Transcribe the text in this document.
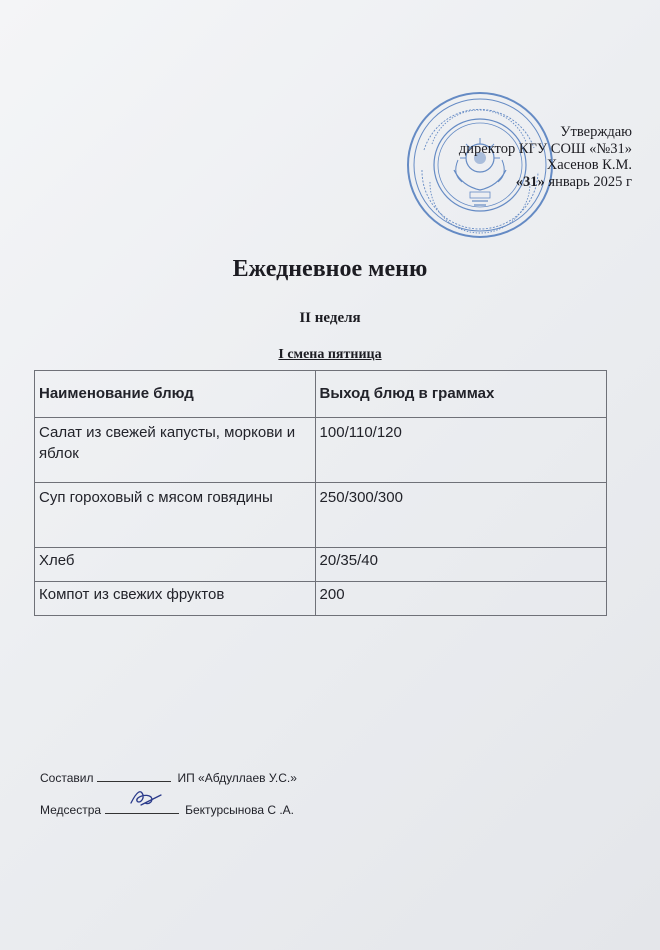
Утверждаю
директор КГУ СОШ «№31»
Хасенов К.М.
«31» январь 2025 г
Ежедневное меню
II неделя
I смена пятница
Наименование блюд	Выход блюд в граммах
Салат из свежей капусты, моркови и яблок	100/110/120
Суп гороховый с мясом говядины	250/300/300
Хлеб	20/35/40
Компот из свежих фруктов	200
Составил	ИП «Абдуллаев У.С.»
Медсестра	Бектурсынова С .А.
